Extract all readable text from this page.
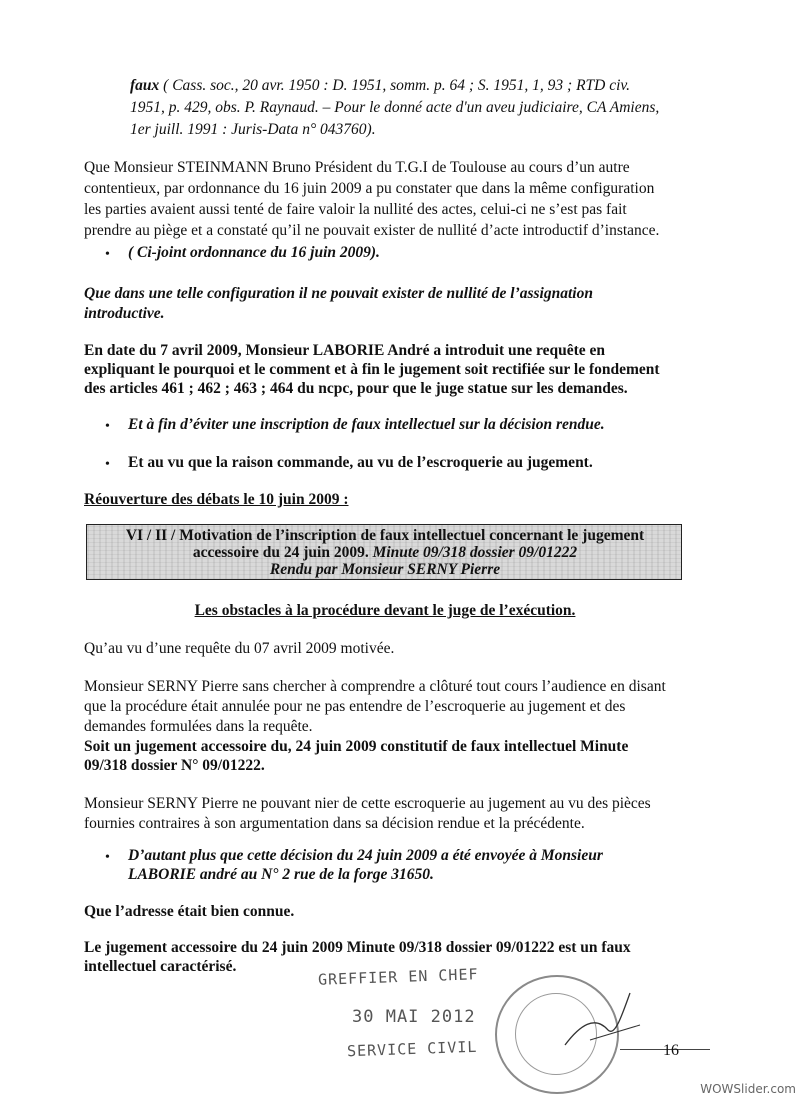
faux ( Cass. soc., 20 avr. 1950 : D. 1951, somm. p. 64 ; S. 1951, 1, 93 ; RTD civ.
1951, p. 429, obs. P. Raynaud. – Pour le donné acte d'un aveu judiciaire, CA Amiens,
1er juill. 1991 : Juris-Data n° 043760).
Que Monsieur STEINMANN Bruno Président du T.G.I de Toulouse au cours d’un autre
contentieux, par ordonnance du 16 juin 2009 a pu constater que dans la même configuration
les parties avaient aussi tenté de faire valoir la nullité des actes, celui-ci ne s’est pas fait
prendre au piège et a constaté qu’il ne pouvait exister de nullité d’acte introductif d’instance.
• ( Ci-joint ordonnance du 16 juin 2009).
Que dans une telle configuration il ne pouvait exister de nullité de l’assignation
introductive.
En date du 7 avril 2009, Monsieur LABORIE André a introduit une requête en
expliquant le pourquoi et le comment et à fin le jugement soit rectifiée sur le fondement
des articles 461 ; 462 ; 463 ; 464 du ncpc, pour que le juge statue sur les demandes.
• Et à fin d’éviter une inscription de faux intellectuel sur la décision rendue.
• Et au vu que la raison commande, au vu de l’escroquerie au jugement.
Réouverture des débats le 10 juin 2009 :
VI / II / Motivation de l’inscription de faux intellectuel concernant le jugement
accessoire du 24 juin 2009. Minute 09/318 dossier 09/01222
Rendu par Monsieur SERNY Pierre
Les obstacles à la procédure devant le juge de l’exécution.
Qu’au vu d’une requête du 07 avril 2009 motivée.
Monsieur SERNY Pierre sans chercher à comprendre a clôturé tout cours l’audience en disant
que la procédure était annulée pour ne pas entendre de l’escroquerie au jugement et des
demandes formulées dans la requête.
Soit un jugement accessoire du, 24 juin 2009 constitutif de faux intellectuel Minute
09/318 dossier N° 09/01222.
Monsieur SERNY Pierre ne pouvant nier de cette escroquerie au jugement au vu des pièces
fournies contraires à son argumentation dans sa décision rendue et la précédente.
• D’autant plus que cette décision du 24 juin 2009 a été envoyée à Monsieur
LABORIE andré au N° 2 rue de la forge 31650.
Que l’adresse était bien connue.
Le jugement accessoire du 24 juin 2009 Minute 09/318 dossier 09/01222 est un faux
intellectuel caractérisé.	GREFFIER EN CHEF
30 MAI 2012
SERVICE CIVIL	16
WOWSlider.com
